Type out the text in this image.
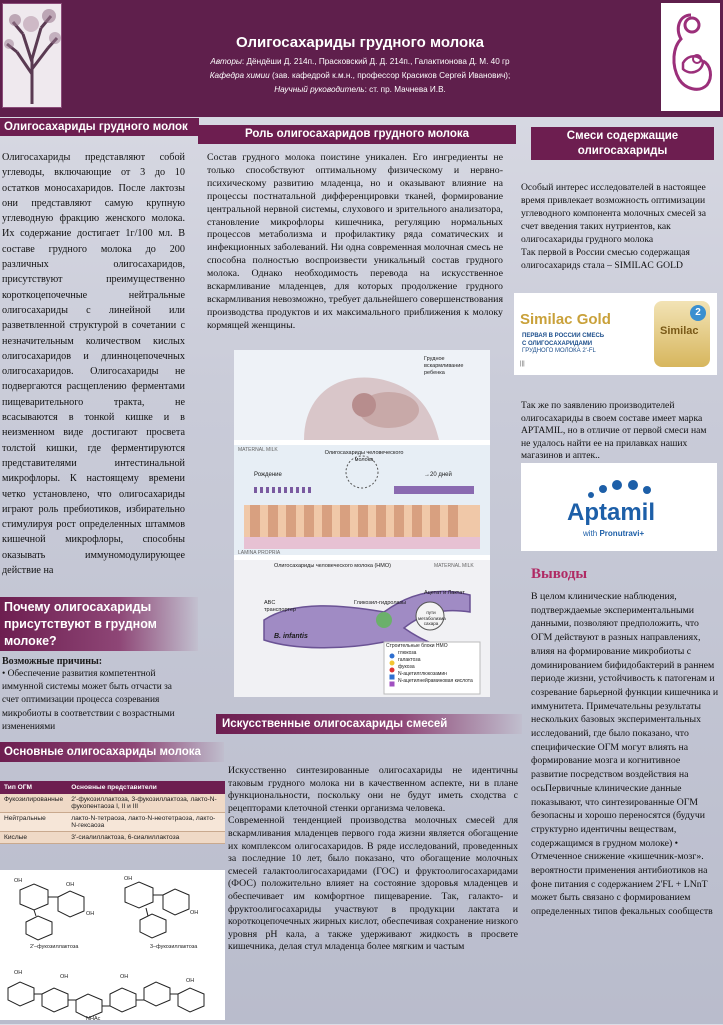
Олигосахариды грудного молока
Авторы: Дёндёши Д. 214п., Прасковский Д. Д. 214п., Галактионова Д. М. 40 гр
Кафедра химии (зав. кафедрой к.м.н., профессор Красиков Сергей Иванович);
Научный руководитель: ст. пр. Мачнева И.В.
Олигосахариды грудного молок
Олигосахариды представляют собой углеводы, включающие от 3 до 10 остатков моносахаридов. После лактозы они представляют самую крупную углеводную фракцию женского молока. Их содержание достигает 1г/100 мл. В составе грудного молока до 200 различных олигосахаридов, присутствуют преимущественно короткоцепочечные нейтральные олигосахариды с линейной или разветвленной структурой в сочетании с незначительным количеством кислых олигосахаридов и длинноцепочечных олигосахаридов. Олигосахариды не подвергаются расщеплению ферментами пищеварительного тракта, не всасываются в тонкой кишке и в неизменном виде достигают просвета толстой кишки, где ферментируются представителями интестинальной микрофлоры. К настоящему времени четко установлено, что олигосахариды играют роль пребиотиков, избирательно стимулируя рост определенных штаммов кишечной микрофлоры, способны оказывать иммуномодулирующее действие на
Почему олигосахариды присутствуют в грудном молоке?
Возможные причины:
• Обеспечение развития компетентной иммунной системы может быть отчасти за счет оптимизации процесса созревания микробиоты в соответствии с возрастными изменениями
Основные олигосахариды молока
Тип ОГМ	Основные представители
Фукозилированные	2'-фукозиллактоза, 3-фукозиллактоза, лакто-N-фукопентаоза I, II и III
Нейтральные	лакто-N-тетраоза, лакто-N-неотетраоза, лакто-N-гексаоза
Кислые	3'-сиалиллактоза, 6-сиалиллактоза
OH
OH
OH
OH
OH
OH
OH	OH
OH
NHAc
2'–фукозиллактоза	3–фукозиллактоза
Роль олигосахаридов грудного молока
Состав грудного молока поистине уникален. Его ингредиенты не только способствуют оптимальному физическому и нервно-психическому развитию младенца, но и оказывают влияние на процессы постнатальной дифференцировки тканей, формирование центральной нервной системы, слухового и зрительного анализатора, становление микрофлоры кишечника, регуляцию нормальных процессов метаболизма и профилактику ряда соматических и инфекционных заболеваний. Ни одна современная молочная смесь не способна полностью воспроизвести уникальный состав грудного молока. Однако необходимость перевода на искусственное вскармливание младенцев, для которых продолжение грудного вскармливания невозможно, требует дальнейшего совершенствования производства продуктов и их максимального приближения к молоку кормящей женщины.
Грудное вскармливание ребенка
MATERNAL MILK	Олигосахариды человеческого молока
Рождение	→20 дней
LAMINA PROPRIA
Олигосахариды человеческого молока (HMO)	MATERNAL MILK
ABC транспортер
Гликозил-гидролазы
Ацетат и Лактат
пути метаболизма сахара
B. infantis
Строительные блоки HMO
глюкоза
галактоза
фукоза
N-ацетилглюкозамин
N-ацетилнейраминовая кислота
Искусственные олигосахариды смесей

Искусственно синтезированные олигосахариды не идентичны таковым грудного молока ни в качественном аспекте, ни в плане функциональности, поскольку они не будут иметь сходства с рецепторами клеточной стенки организма человека.

Современной тенденцией производства молочных смесей для вскармливания младенцев первого года жизни является обогащение их комплексом олигосахаридов. В ряде исследований, проведенных за последние 10 лет, было показано, что обогащение молочных смесей галактоолигосахаридами (ГОС) и фруктоолигосахаридами (ФОС) положительно влияет на состояние здоровья младенцев и обеспечивает им комфортное пищеварение. Так, галакто- и фруктоолигосахариды участвуют в продукции лактата и короткоцепочечных жирных кислот, обеспечивая сохранение низкого уровня pH кала, а также удерживают жидкость в просвете кишечника, делая стул младенца более мягким и частым

Смеси содержащие олигосахариды
Особый интерес исследователей в настоящее время привлекает возможность оптимизации углеводного компонента молочных смесей за счет введения таких нутриентов, как олигосахариды грудного молока
Так первой в России смесью содержащая олигосахаридs стала – SIMILAC GOLD
Similac Gold
ПЕРВАЯ В РОССИИ СМЕСЬ
С ОЛИГОСАХАРИДАМИ
ГРУДНОГО МОЛОКА 2'-FL
|||
Similac
2
Так же по заявлению производителей олигосахариды в своем составе имеет марка APTAMIL, но в отличие от первой смеси нам не удалось найти ее на прилавках наших магазинов и аптек..
Aptamil
with Pronutravi+
Выводы
В целом клинические наблюдения, подтверждаемые экспериментальными данными, позволяют предположить, что ОГМ действуют в разных направлениях, влияя на формирование микробиоты с доминированием бифидобактерий в раннем периоде жизни, устойчивость к патогенам и созревание барьерной функции кишечника и иммунитета. Примечательны результаты нескольких базовых экспериментальных исследований, где было показано, что специфические ОГМ могут влиять на формирование мозга и когнитивное развитие посредством воздействия на осьПервичные клинические данные показывают, что синтезированные ОГМ безопасны и хорошо переносятся (будучи структурно идентичны веществам, содержащимся в грудном молоке) • Отмеченное снижение «кишечник-мозг». вероятности применения антибиотиков на фоне питания с содержанием 2'FL + LNnT может быть связано с формированием определенных типов фекальных сообществ
